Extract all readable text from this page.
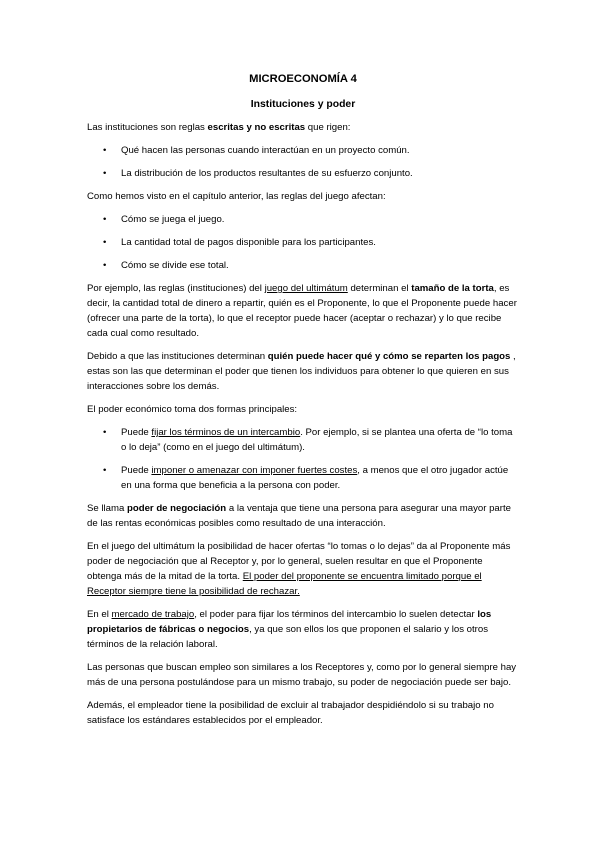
MICROECONOMÍA 4
Instituciones y poder

Las instituciones son reglas escritas y no escritas que rigen:

• Qué hacen las personas cuando interactúan en un proyecto común.
• La distribución de los productos resultantes de su esfuerzo conjunto.

Como hemos visto en el capítulo anterior, las reglas del juego afectan:

• Cómo se juega el juego.
• La cantidad total de pagos disponible para los participantes.
• Cómo se divide ese total.

Por ejemplo, las reglas (instituciones) del juego del ultimátum determinan el tamaño de la torta, es decir, la cantidad total de dinero a repartir, quién es el Proponente, lo que el Proponente puede hacer (ofrecer una parte de la torta), lo que el receptor puede hacer (aceptar o rechazar) y lo que recibe cada cual como resultado.

Debido a que las instituciones determinan quién puede hacer qué y cómo se reparten los pagos , estas son las que determinan el poder que tienen los individuos para obtener lo que quieren en sus interacciones sobre los demás.

El poder económico toma dos formas principales:

• Puede fijar los términos de un intercambio. Por ejemplo, si se plantea una oferta de “lo toma o lo deja” (como en el juego del ultimátum).
• Puede imponer o amenazar con imponer fuertes costes, a menos que el otro jugador actúe en una forma que beneficia a la persona con poder.

Se llama poder de negociación a la ventaja que tiene una persona para asegurar una mayor parte de las rentas económicas posibles como resultado de una interacción.

En el juego del ultimátum la posibilidad de hacer ofertas “lo tomas o lo dejas” da al Proponente más poder de negociación que al Receptor y, por lo general, suelen resultar en que el Proponente obtenga más de la mitad de la torta. El poder del proponente se encuentra limitado porque el Receptor siempre tiene la posibilidad de rechazar.

En el mercado de trabajo, el poder para fijar los términos del intercambio lo suelen detectar los propietarios de fábricas o negocios, ya que son ellos los que proponen el salario y los otros términos de la relación laboral.

Las personas que buscan empleo son similares a los Receptores y, como por lo general siempre hay más de una persona postulándose para un mismo trabajo, su poder de negociación puede ser bajo.

Además, el empleador tiene la posibilidad de excluir al trabajador despidiéndolo si su trabajo no satisface los estándares establecidos por el empleador.
